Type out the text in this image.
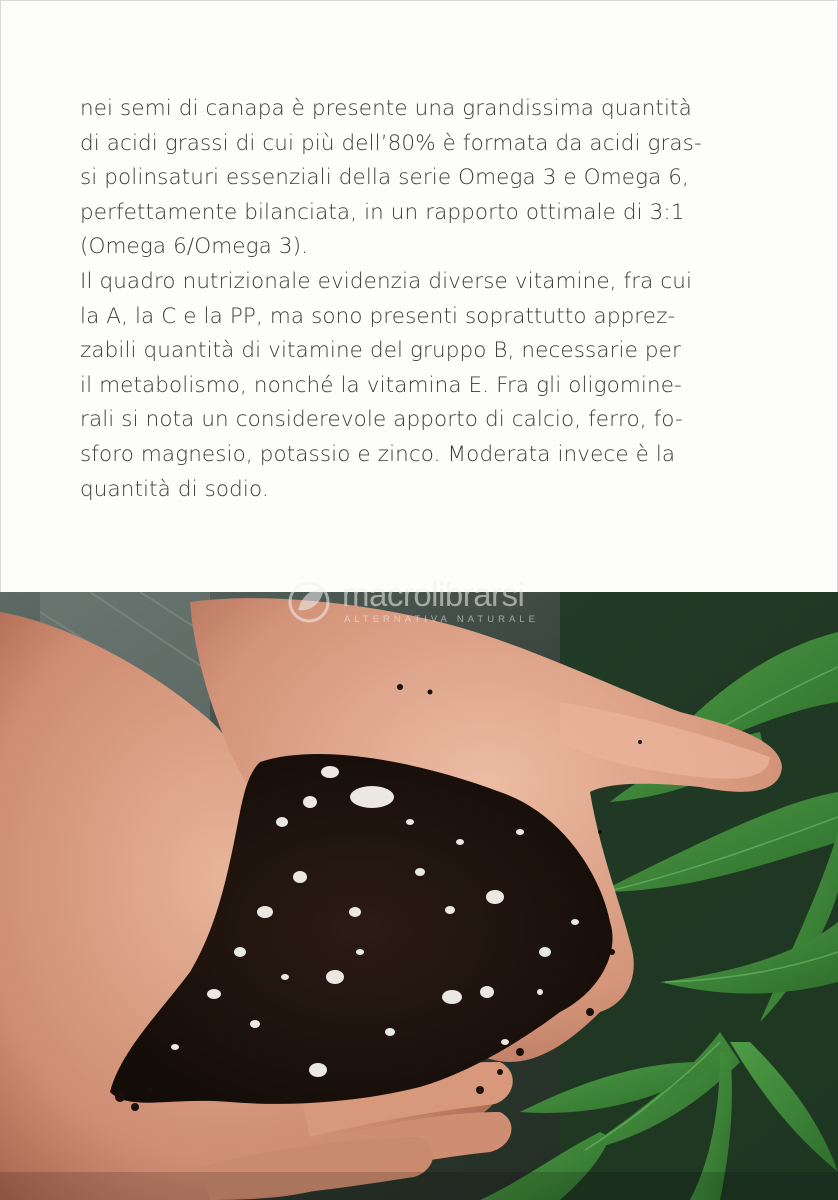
nei semi di canapa è presente una grandissima quantità
di acidi grassi di cui più dell’80% è formata da acidi gras-
si polinsaturi essenziali della serie Omega 3 e Omega 6,
perfettamente bilanciata, in un rapporto ottimale di 3:1
(Omega 6/Omega 3).
Il quadro nutrizionale evidenzia diverse vitamine, fra cui
la A, la C e la PP, ma sono presenti soprattutto apprez-
zabili quantità di vitamine del gruppo B, necessarie per
il metabolismo, nonché la vitamina E. Fra gli oligomine-
rali si nota un considerevole apporto di calcio, ferro, fo-
sforo magnesio, potassio e zinco. Moderata invece è la
quantità di sodio.
macrolibrarsi
ALTERNATIVA NATURALE
